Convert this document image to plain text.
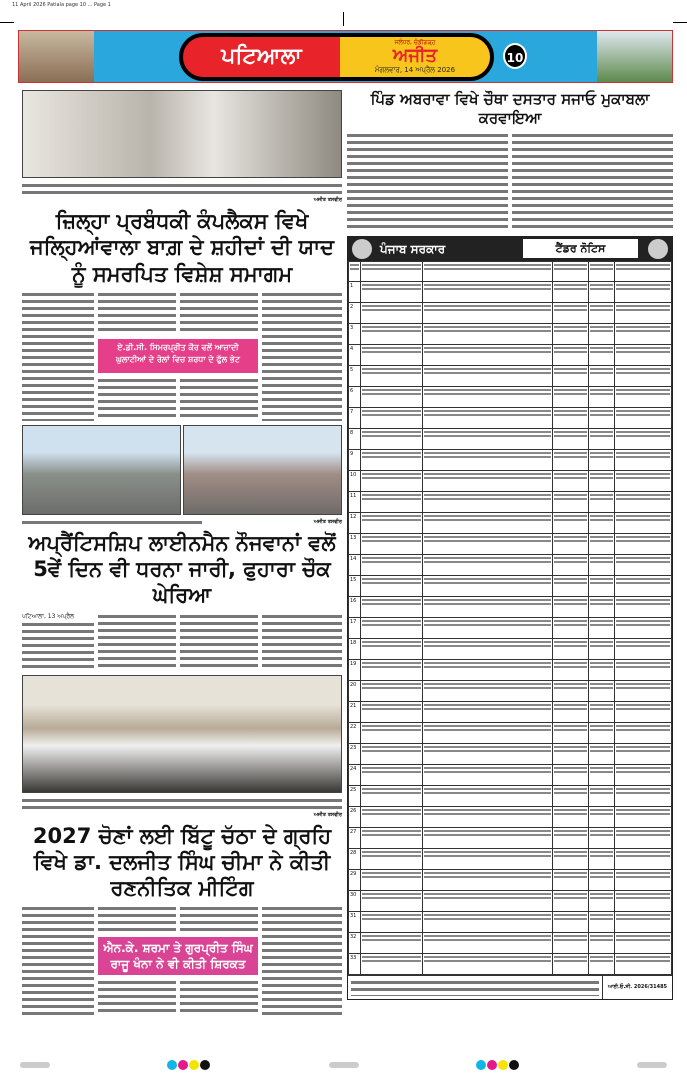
11 April 2026 Patiala page 10 ... Page 1
ਪਟਿਆਲਾ
ਜਲੰਧਰ, ਚੰਡੀਗੜ੍ਹ
ਅਜੀਤ
ਮੰਗਲਵਾਰ, 14 ਅਪ੍ਰੈਲ 2026
10
ਅਜੀਤ ਤਸਵੀਰ
ਜ਼ਿਲ੍ਹਾ ਪ੍ਰਬੰਧਕੀ ਕੰਪਲੈਕਸ ਵਿਖੇ ਜਲ੍ਹਿਆਂਵਾਲਾ ਬਾਗ਼ ਦੇ ਸ਼ਹੀਦਾਂ ਦੀ ਯਾਦ ਨੂੰ ਸਮਰਪਿਤ ਵਿਸ਼ੇਸ਼ ਸਮਾਗਮ
ਏ.ਡੀ.ਸੀ. ਸਿਮਰਪ੍ਰੀਤ ਕੌਰ ਵਲੋਂ ਆਜ਼ਾਦੀ ਘੁਲਾਟੀਆਂ ਦੇ ਰੋਲਾਂ ਵਿਚ ਸ਼ਰਧਾ ਦੇ ਫੁੱਲ ਭੇਟ
ਅਜੀਤ ਤਸਵੀਰ
ਅਪ੍ਰੈਂਟਿਸਸ਼ਿਪ ਲਾਈਨਮੈਨ ਨੌਜਵਾਨਾਂ ਵਲੋਂ 5ਵੇਂ ਦਿਨ ਵੀ ਧਰਨਾ ਜਾਰੀ, ਫੁਹਾਰਾ ਚੌਕ ਘੇਰਿਆ
ਪਟਿਆਲਾ, 13 ਅਪ੍ਰੈਲ
ਅਜੀਤ ਤਸਵੀਰ
2027 ਚੋਣਾਂ ਲਈ ਬਿੱਟੂ ਚੱਠਾ ਦੇ ਗ੍ਰਹਿ ਵਿਖੇ ਡਾ. ਦਲਜੀਤ ਸਿੰਘ ਚੀਮਾ ਨੇ ਕੀਤੀ ਰਣਨੀਤਿਕ ਮੀਟਿੰਗ
ਐਨ.ਕੇ. ਸ਼ਰਮਾ ਤੇ ਗੁਰਪ੍ਰੀਤ ਸਿੰਘ ਰਾਜੂ ਖੰਨਾ ਨੇ ਵੀ ਕੀਤੀ ਸ਼ਿਰਕਤ
ਪਿੰਡ ਅਬਰਾਵਾ ਵਿਖੇ ਚੌਥਾ ਦਸਤਾਰ ਸਜਾਓ ਮੁਕਾਬਲਾ ਕਰਵਾਇਆ
ਪੰਜਾਬ ਸਰਕਾਰ	ਟੈਂਡਰ ਨੋਟਿਸ

1	

2	

3	

4	

5	

6	

7	

8	

9	

10	

11	

12	

13	

14	

15	

16	

17	

18	

19	

20	

21	

22	

23	

24	

25	

26	

27	

28	

29	

30	

31	

32	

33	

ਆਈ.ਓ.ਸੀ. 2026/31485
